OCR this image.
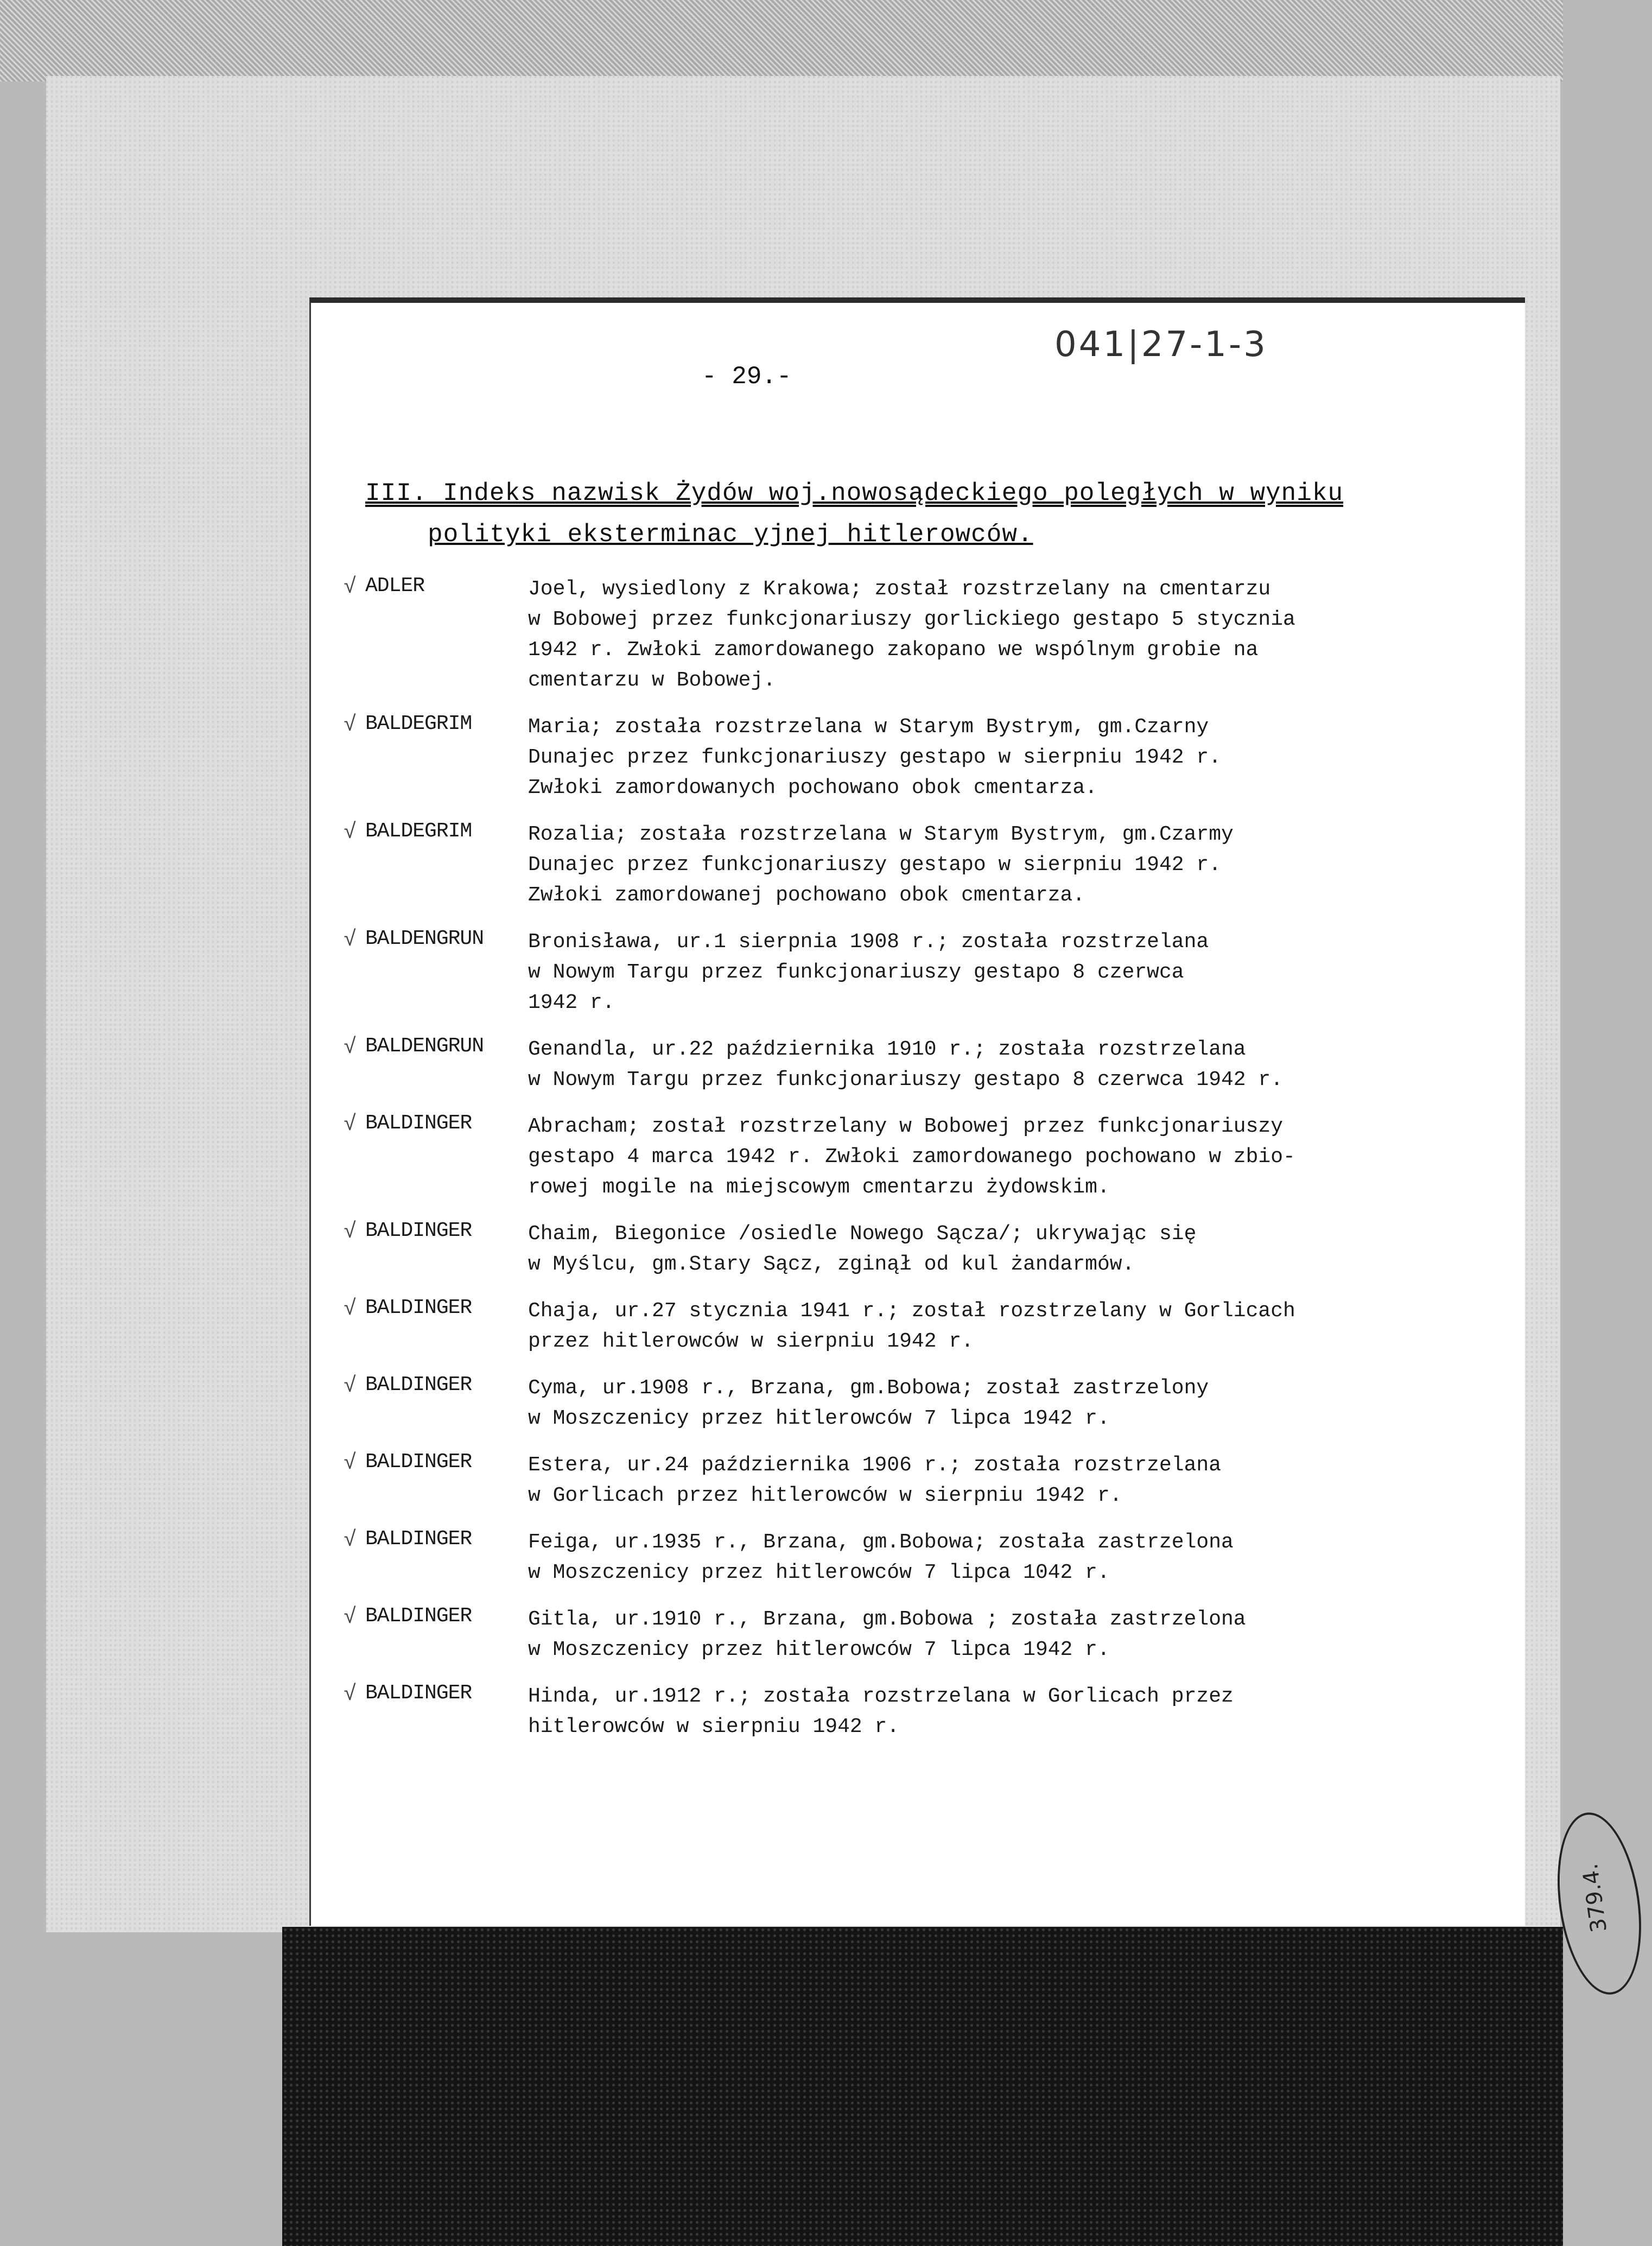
041|27-1-3
- 29.-
III. Indeks nazwisk Żydów woj.nowosądeckiego poległych w wyniku
polityki eksterminac yjnej hitlerowców.
√ ADLER	Joel, wysiedlony z Krakowa; został rozstrzelany na cmentarzu
w Bobowej przez funkcjonariuszy gorlickiego gestapo 5 stycznia
1942 r. Zwłoki zamordowanego zakopano we wspólnym grobie na
cmentarzu w Bobowej.
√ BALDEGRIM	Maria; została rozstrzelana w Starym Bystrym, gm.Czarny
Dunajec przez funkcjonariuszy gestapo w sierpniu 1942 r.
Zwłoki zamordowanych pochowano obok cmentarza.
√ BALDEGRIM	Rozalia; została rozstrzelana w Starym Bystrym, gm.Czarmy
Dunajec przez funkcjonariuszy gestapo w sierpniu 1942 r.
Zwłoki zamordowanej pochowano obok cmentarza.
√ BALDENGRUN Bronisława, ur.1 sierpnia 1908 r.; została rozstrzelana
w Nowym Targu przez funkcjonariuszy gestapo 8 czerwca
1942 r.
√ BALDENGRUN Genandla, ur.22 października 1910 r.; została rozstrzelana
w Nowym Targu przez funkcjonariuszy gestapo 8 czerwca 1942 r.
√ BALDINGER	Abracham; został rozstrzelany w Bobowej przez funkcjonariuszy
gestapo 4 marca 1942 r. Zwłoki zamordowanego pochowano w zbio-
rowej mogile na miejscowym cmentarzu żydowskim.
√ BALDINGER	Chaim, Biegonice /osiedle Nowego Sącza/; ukrywając się
w Myślcu, gm.Stary Sącz, zginął od kul żandarmów.
√ BALDINGER	Chaja, ur.27 stycznia 1941 r.; został rozstrzelany w Gorlicach
przez hitlerowców w sierpniu 1942 r.
√ BALDINGER	Cyma, ur.1908 r., Brzana, gm.Bobowa; został zastrzelony
w Moszczenicy przez hitlerowców 7 lipca 1942 r.
√ BALDINGER	Estera, ur.24 października 1906 r.; została rozstrzelana
w Gorlicach przez hitlerowców w sierpniu 1942 r.
√ BALDINGER	Feiga, ur.1935 r., Brzana, gm.Bobowa; została zastrzelona
w Moszczenicy przez hitlerowców 7 lipca 1042 r.
√ BALDINGER	Gitla, ur.1910 r., Brzana, gm.Bobowa ; została zastrzelona
w Moszczenicy przez hitlerowców 7 lipca 1942 r.
√ BALDINGER	Hinda, ur.1912 r.; została rozstrzelana w Gorlicach przez
hitlerowców w sierpniu 1942 r.
379.4.
